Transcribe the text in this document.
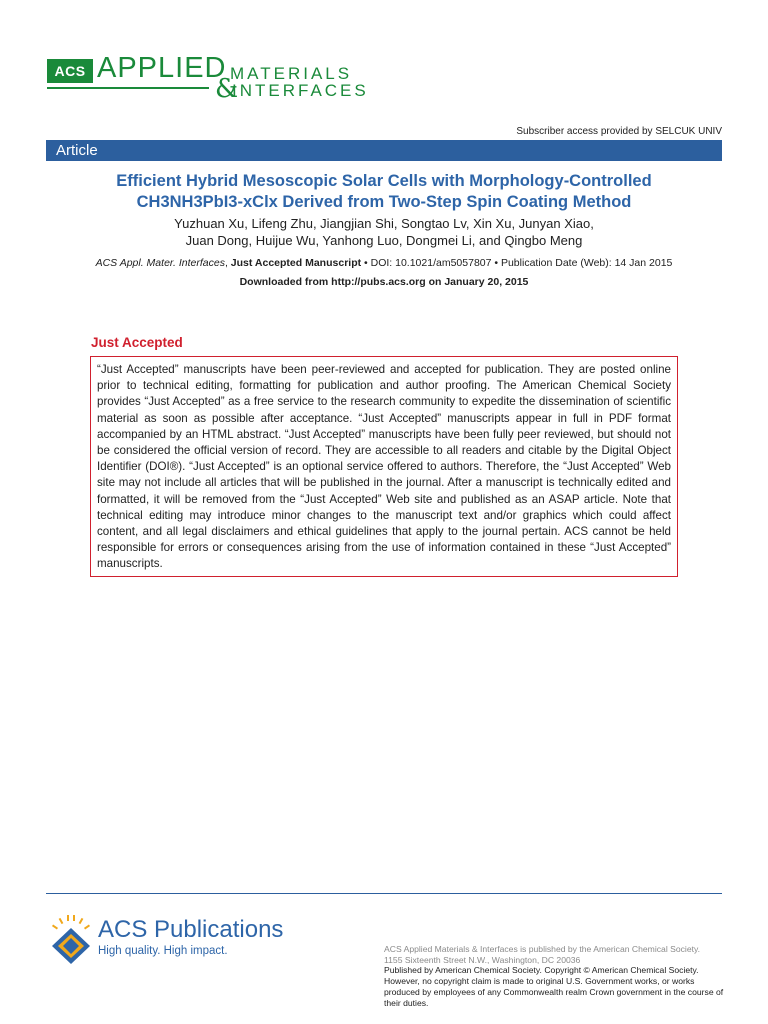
ACS APPLIED MATERIALS
&
INTERFACES
Subscriber access provided by SELCUK UNIV
Article
Efficient Hybrid Mesoscopic Solar Cells with Morphology-Controlled
CH3NH3PbI3-xClx Derived from Two-Step Spin Coating Method
Yuzhuan Xu, Lifeng Zhu, Jiangjian Shi, Songtao Lv, Xin Xu, Junyan Xiao,
Juan Dong, Huijue Wu, Yanhong Luo, Dongmei Li, and Qingbo Meng
ACS Appl. Mater. Interfaces, Just Accepted Manuscript • DOI: 10.1021/am5057807 • Publication Date (Web): 14 Jan 2015
Downloaded from http://pubs.acs.org on January 20, 2015
Just Accepted
“Just Accepted” manuscripts have been peer-reviewed and accepted for publication. They are posted online prior to technical editing, formatting for publication and author proofing. The American Chemical Society provides “Just Accepted” as a free service to the research community to expedite the dissemination of scientific material as soon as possible after acceptance. “Just Accepted” manuscripts appear in full in PDF format accompanied by an HTML abstract. “Just Accepted” manuscripts have been fully peer reviewed, but should not be considered the official version of record. They are accessible to all readers and citable by the Digital Object Identifier (DOI®). “Just Accepted” is an optional service offered to authors. Therefore, the “Just Accepted” Web site may not include all articles that will be published in the journal. After a manuscript is technically edited and formatted, it will be removed from the “Just Accepted” Web site and published as an ASAP article. Note that technical editing may introduce minor changes to the manuscript text and/or graphics which could affect content, and all legal disclaimers and ethical guidelines that apply to the journal pertain. ACS cannot be held responsible for errors or consequences arising from the use of information contained in these “Just Accepted” manuscripts.
ACS Publications
High quality. High impact.	ACS Applied Materials & Interfaces is published by the American Chemical Society.
1155 Sixteenth Street N.W., Washington, DC 20036
Published by American Chemical Society. Copyright © American Chemical Society.
However, no copyright claim is made to original U.S. Government works, or works produced by employees of any Commonwealth realm Crown government in the course of their duties.
